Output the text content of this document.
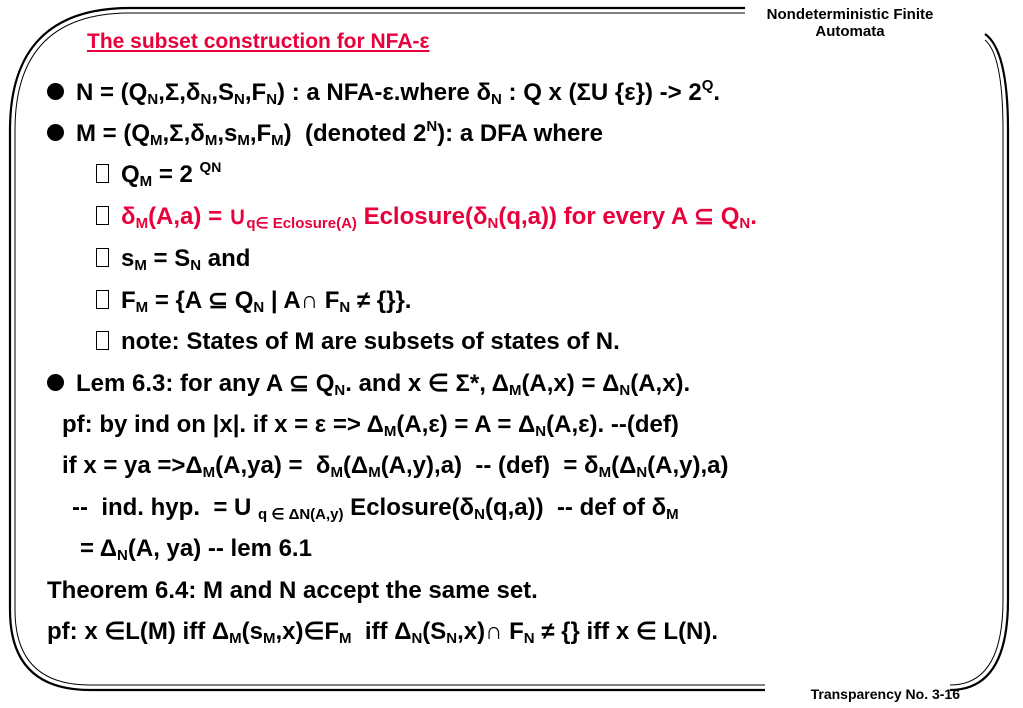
Nondeterministic Finite
Automata
The subset construction for NFA-ε
$N = (Q_N,\Sigma,\delta_N,S_N,F_N)$ : a NFA-ε.where $\delta_N$ : Q x (ΣU $\{\varepsilon\}) -> 2^Q$.
$M = (Q_M,\Sigma,\delta_M,s_M,F_M)$  (denoted $2^N$): a DFA where
$Q_M = 2$ $^{QN}$
$\delta_M(A,a)$ = $\cup_{q\in Eclosure(A)}$ $Eclosure(\delta_N(q,a))$ for every A ⊆ $Q_N$.
$s_M = S_N$ and
$F_M = \{A$ ⊆ $Q_N$ | A∩ $F_N$ ≠ {}}.
note: States of M are subsets of states of N.
Lem 6.3: for any A ⊆ $Q_N$. and x ∈ Σ*, $\Delta_M(A,x) = \Delta_N(A,x)$.
pf: by ind on |x|. if $x = \varepsilon => \Delta_M(A,\varepsilon) = A = \Delta_N(A,\varepsilon)$. --(def)
if x = ya $=>\Delta_M(A,ya) = \delta_M(\Delta_M(A,y),a) -- (def) = \delta_M(\Delta_N(A,y),a)$
--  ind. hyp.  = U $_{q \in \Delta N(A,y)}$ $Eclosure(\delta_N(q,a))$  -- def of $\delta_M$
= $\Delta_N(A$, ya) -- lem 6.1
Theorem 6.4: M and N accept the same set.
pf: x ∈L(M) iff $\Delta_M(s_M,x)\in F_M$  iff $\Delta_N(S_N,x)\cap$ $F_N$ ≠ {} iff x ∈ L(N).
Transparency No. 3-16
